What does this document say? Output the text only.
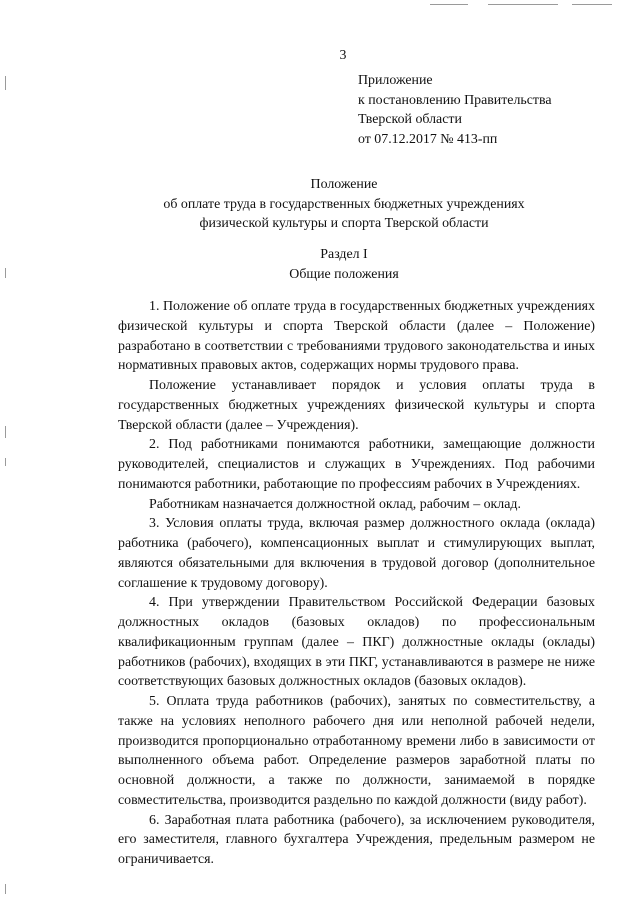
3
Приложение
к постановлению Правительства
Тверской области
от 07.12.2017 № 413-пп
Положение
об оплате труда в государственных бюджетных учреждениях
физической культуры и спорта Тверской области
Раздел I
Общие положения

1. Положение об оплате труда в государственных бюджетных учреждениях физической культуры и спорта Тверской области (далее – Положение) разработано в соответствии с требованиями трудового законодательства и иных нормативных правовых актов, содержащих нормы трудового права.

Положение устанавливает порядок и условия оплаты труда в государственных бюджетных учреждениях физической культуры и спорта Тверской области (далее – Учреждения).

2. Под работниками понимаются работники, замещающие должности руководителей, специалистов и служащих в Учреждениях. Под рабочими понимаются работники, работающие по профессиям рабочих в Учреждениях.

Работникам назначается должностной оклад, рабочим – оклад.

3. Условия оплаты труда, включая размер должностного оклада (оклада) работника (рабочего), компенсационных выплат и стимулирующих выплат, являются обязательными для включения в трудовой договор (дополнительное соглашение к трудовому договору).

4. При утверждении Правительством Российской Федерации базовых должностных окладов (базовых окладов) по профессиональным квалификационным группам (далее – ПКГ) должностные оклады (оклады) работников (рабочих), входящих в эти ПКГ, устанавливаются в размере не ниже соответствующих базовых должностных окладов (базовых окладов).

5. Оплата труда работников (рабочих), занятых по совместительству, а также на условиях неполного рабочего дня или неполной рабочей недели, производится пропорционально отработанному времени либо в зависимости от выполненного объема работ. Определение размеров заработной платы по основной должности, а также по должности, занимаемой в порядке совместительства, производится раздельно по каждой должности (виду работ).

6. Заработная плата работника (рабочего), за исключением руководителя, его заместителя, главного бухгалтера Учреждения, предельным размером не ограничивается.
